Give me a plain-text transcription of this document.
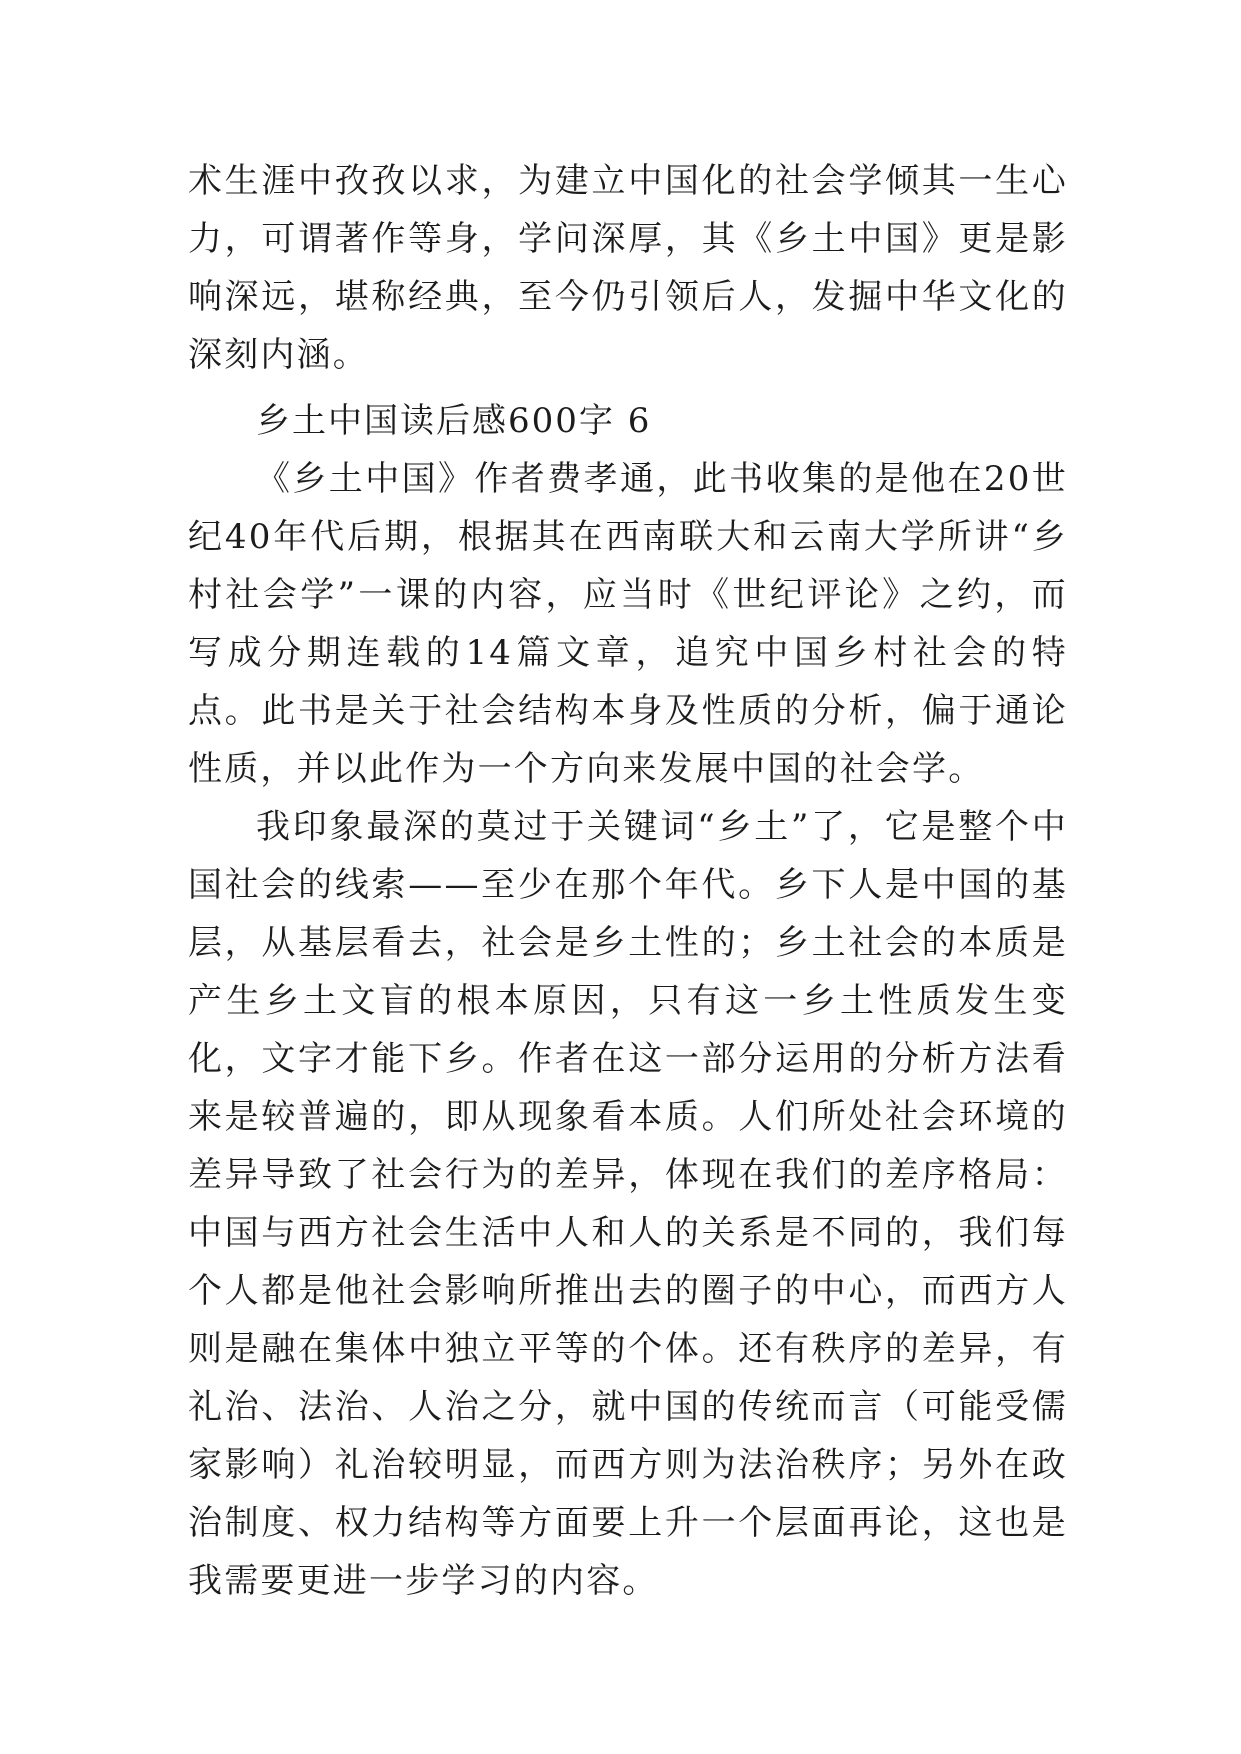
术生涯中孜孜以求，为建立中国化的社会学倾其一生心力，可谓著作等身，学问深厚，其《乡土中国》更是影响深远，堪称经典，至今仍引领后人，发掘中华文化的深刻内涵。

乡土中国读后感600字 6

《乡土中国》作者费孝通，此书收集的是他在20世纪40年代后期，根据其在西南联大和云南大学所讲“乡村社会学”一课的内容，应当时《世纪评论》之约，而写成分期连载的14篇文章，追究中国乡村社会的特点。此书是关于社会结构本身及性质的分析，偏于通论性质，并以此作为一个方向来发展中国的社会学。

我印象最深的莫过于关键词“乡土”了，它是整个中国社会的线索——至少在那个年代。乡下人是中国的基层，从基层看去，社会是乡土性的；乡土社会的本质是产生乡土文盲的根本原因，只有这一乡土性质发生变化，文字才能下乡。作者在这一部分运用的分析方法看来是较普遍的，即从现象看本质。人们所处社会环境的差异导致了社会行为的差异，体现在我们的差序格局：中国与西方社会生活中人和人的关系是不同的，我们每个人都是他社会影响所推出去的圈子的中心，而西方人则是融在集体中独立平等的个体。还有秩序的差异，有礼治、法治、人治之分，就中国的传统而言（可能受儒家影响）礼治较明显，而西方则为法治秩序；另外在政治制度、权力结构等方面要上升一个层面再论，这也是我需要更进一步学习的内容。
